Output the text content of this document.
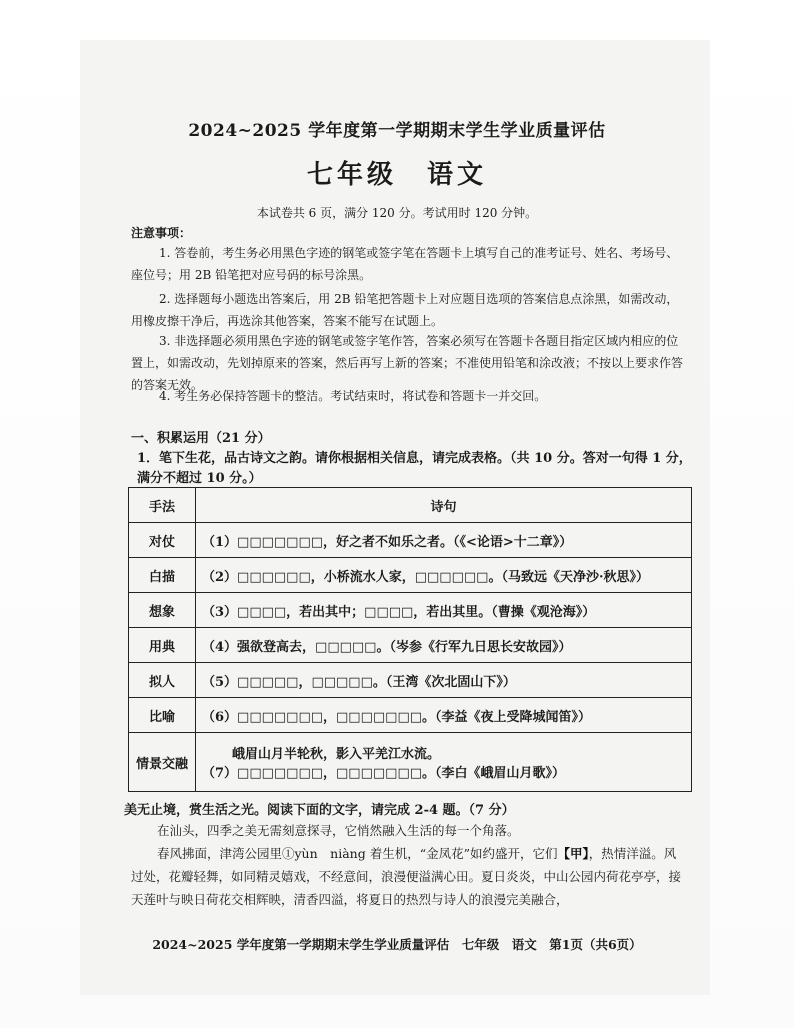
2024~2025 学年度第一学期期末学生学业质量评估
七年级　语文
本试卷共 6 页，满分 120 分。考试用时 120 分钟。
注意事项：
1. 答卷前，考生务必用黑色字迹的钢笔或签字笔在答题卡上填写自己的准考证号、姓名、考场号、座位号；用 2B 铅笔把对应号码的标号涂黑。
2. 选择题每小题选出答案后，用 2B 铅笔把答题卡上对应题目选项的答案信息点涂黑，如需改动，用橡皮擦干净后，再选涂其他答案，答案不能写在试题上。
3. 非选择题必须用黑色字迹的钢笔或签字笔作答，答案必须写在答题卡各题目指定区域内相应的位置上，如需改动，先划掉原来的答案，然后再写上新的答案；不准使用铅笔和涂改液；不按以上要求作答的答案无效。
4. 考生务必保持答题卡的整洁。考试结束时，将试卷和答题卡一并交回。
一、积累运用（21 分）
1．笔下生花，品古诗文之韵。请你根据相关信息，请完成表格。（共 10 分。答对一句得 1 分，满分不超过 10 分。）
手法	诗句
对仗	（1）□□□□□□□，好之者不如乐之者。（《<论语>十二章》）
白描	（2）□□□□□□，小桥流水人家，□□□□□□。（马致远《天净沙·秋思》）
想象	（3）□□□□，若出其中；□□□□，若出其里。（曹操《观沧海》）
用典	（4）强欲登高去，□□□□□。（岑参《行军九日思长安故园》）
拟人	（5）□□□□□，□□□□□。（王湾《次北固山下》）
比喻	（6）□□□□□□□，□□□□□□□。（李益《夜上受降城闻笛》）
情景交融	峨眉山月半轮秋，影入平羌江水流。
（7）□□□□□□□，□□□□□□□。（李白《峨眉山月歌》）
美无止境，赏生活之光。阅读下面的文字，请完成 2-4 题。（7 分）
在汕头，四季之美无需刻意探寻，它悄然融入生活的每一个角落。
春风拂面，津湾公园里①yùn　niàng 着生机，“金凤花”如约盛开，它们【甲】，热情洋溢。风过处，花瓣轻舞，如同精灵嬉戏，不经意间，浪漫便溢满心田。夏日炎炎，中山公园内荷花亭亭，接天莲叶与映日荷花交相辉映，清香四溢，将夏日的热烈与诗人的浪漫完美融合，
2024~2025 学年度第一学期期末学生学业质量评估　七年级　语文　第1页（共6页）
